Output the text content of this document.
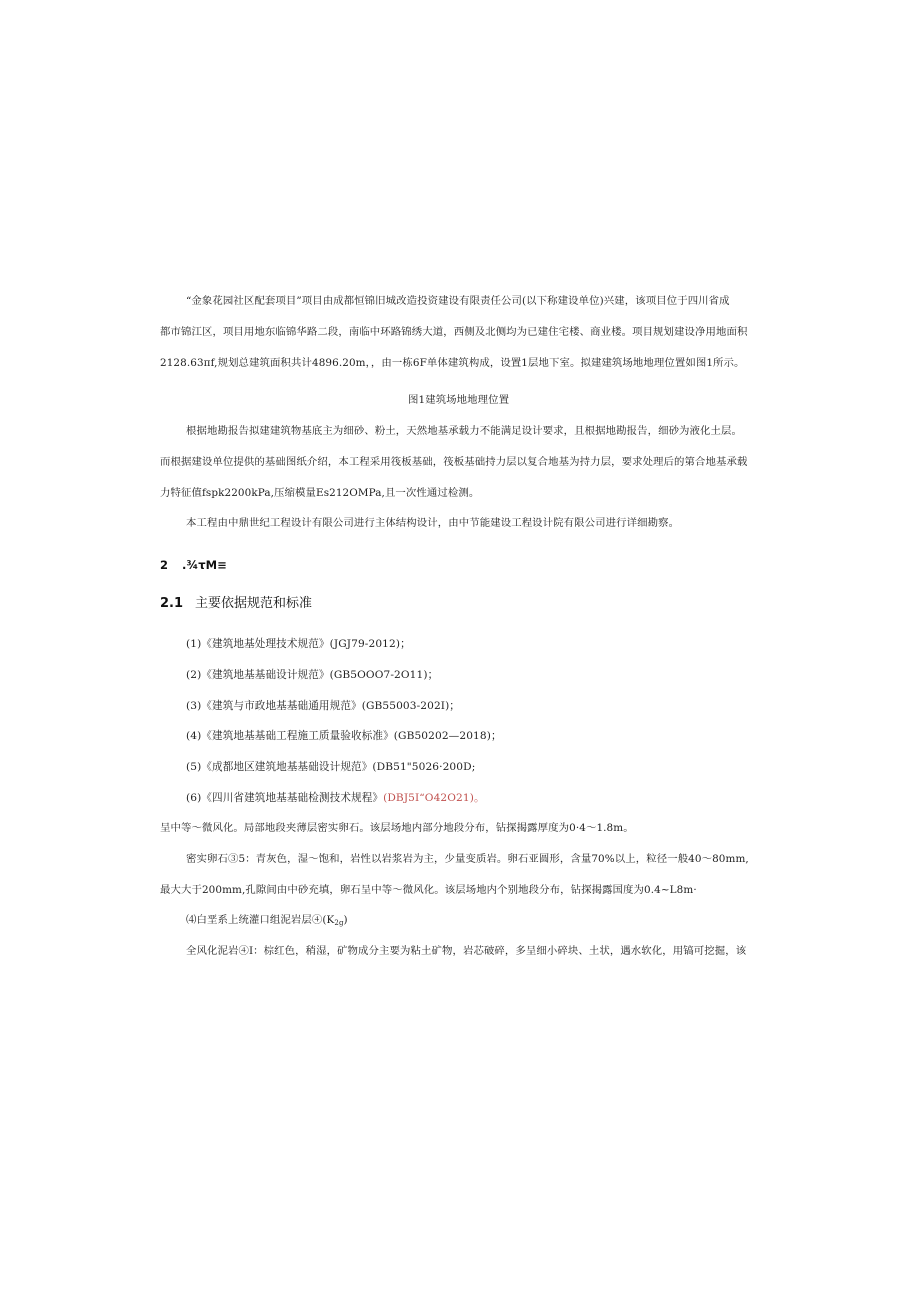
“金象花园社区配套项目”项目由成都恒锦旧城改造投资建设有限责任公司(以下称建设单位)兴建，该项目位于四川省成
都市锦江区，项目用地东临锦华路二段，南临中环路锦绣大道，西侧及北侧均为已建住宅楼、商业楼。项目规划建设净用地面积
2128.63πf,规划总建筑面积共计4896.20m，，由一栋6F单体建筑构成，设置1层地下室。拟建建筑场地地理位置如图1所示。
图1建筑场地地理位置
根据地勘报告拟建建筑物基底主为细砂、粉土，天然地基承载力不能满足设计要求，且根据地勘报告，细砂为液化土层。
而根据建设单位提供的基础图纸介绍，本工程采用筏板基础，筏板基础持力层以复合地基为持力层，要求处理后的第合地基承载
力特征值fspk2200kPa,压缩模量Es212OMPa,且一次性通过检测。
本工程由中鼎世纪工程设计有限公司进行主体结构设计，由中节能建设工程设计院有限公司进行详细勘察。
2 .¾τM≡
2.1 主要依据规范和标准
(1)《建筑地基处理技术规范》(JGJ79-2012)；
(2)《建筑地基基础设计规范》(GB5OOO7-2O11)；
(3)《建筑与市政地基基础通用规范》(GB55003-202I)；
(4)《建筑地基基础工程施工质量验收标准》(GB50202—2018)；
(5)《成都地区建筑地基基础设计规范》(DB51"5026·200D;
(6)《四川省建筑地基基础检测技术规程》(DBJ5I“O42O21)。
呈中等～微风化。局部地段夹薄层密实卵石。该层场地内部分地段分布，钻探揭露厚度为0·4～1.8m。
密实卵石③5：青灰色，湿～饱和，岩性以岩浆岩为主，少量变质岩。卵石亚圆形，含量70%以上，粒径一般40～80mm,
最大大于200mm,孔隙间由中砂充填，卵石呈中等～微风化。该层场地内个别地段分布，钻探揭露国度为0.4~L8m·
⑷白垩系上统灌口组泥岩层$④(K_{2g})$
全风化泥岩④I：棕红色，稍湿，矿物成分主要为粘土矿物，岩芯破碎，多呈细小碎块、土状，遇水软化，用镐可挖掘，该
